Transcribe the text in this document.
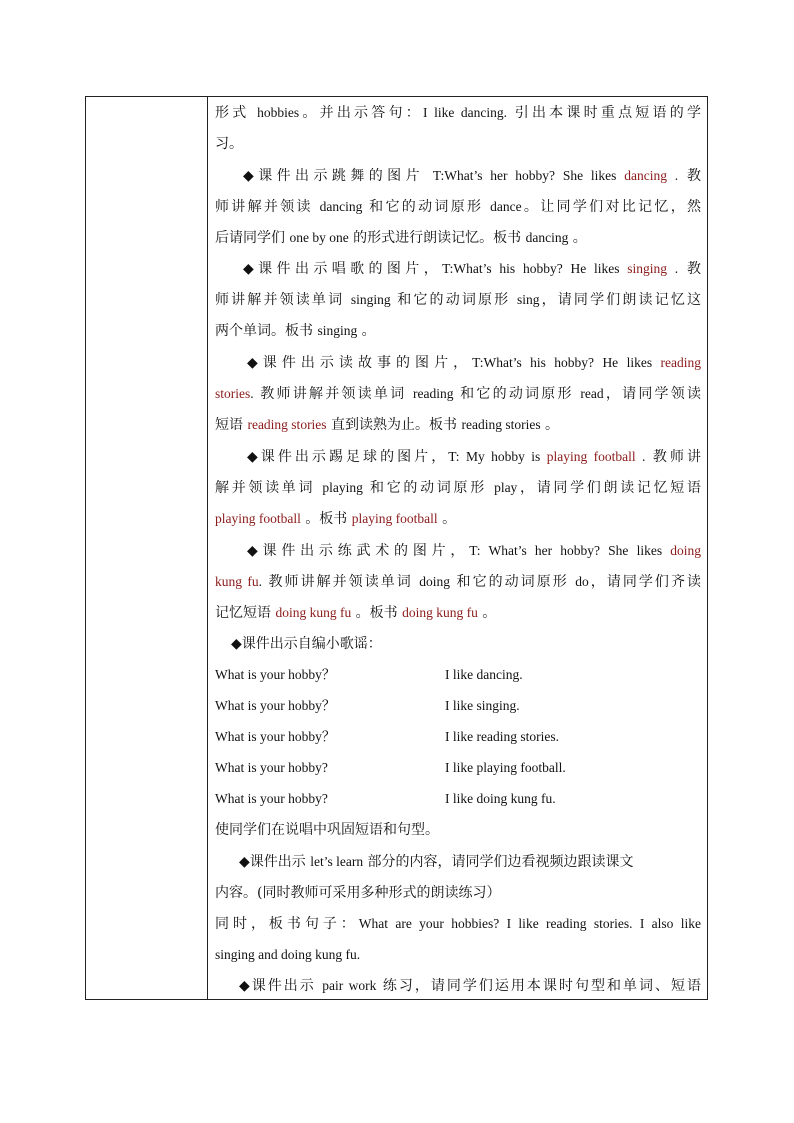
形式 hobbies。并出示答句：I like dancing. 引出本课时重点短语的学
习。
◆课件出示跳舞的图片 T:What’s her hobby? She likes dancing . 教
师讲解并领读 dancing 和它的动词原形 dance。让同学们对比记忆，然
后请同学们 one by one 的形式进行朗读记忆。板书 dancing 。
◆课件出示唱歌的图片，T:What’s his hobby? He likes singing . 教
师讲解并领读单词 singing 和它的动词原形 sing，请同学们朗读记忆这
两个单词。板书 singing 。
◆课件出示读故事的图片，T:What’s his hobby? He likes reading
stories. 教师讲解并领读单词 reading 和它的动词原形 read，请同学领读
短语 reading stories 直到读熟为止。板书 reading stories 。
◆课件出示踢足球的图片，T: My hobby is playing football . 教师讲
解并领读单词 playing 和它的动词原形 play，请同学们朗读记忆短语
playing football 。板书 playing football 。
◆课件出示练武术的图片，T: What’s her hobby? She likes doing
kung fu. 教师讲解并领读单词 doing 和它的动词原形 do，请同学们齐读
记忆短语 doing kung fu 。板书 doing kung fu 。
◆课件出示自编小歌谣：
What is your hobby？	I like dancing.
What is your hobby？	I like singing.
What is your hobby？	I like reading stories.
What is your hobby?	I like playing football.
What is your hobby?	I like doing kung fu.
使同学们在说唱中巩固短语和句型。
◆课件出示 let’s learn 部分的内容，请同学们边看视频边跟读课文
内容。(同时教师可采用多种形式的朗读练习）
同时，板书句子：What are your hobbies? I like reading stories. I also like
singing and doing kung fu.
◆课件出示 pair work 练习，请同学们运用本课时句型和单词、短语
